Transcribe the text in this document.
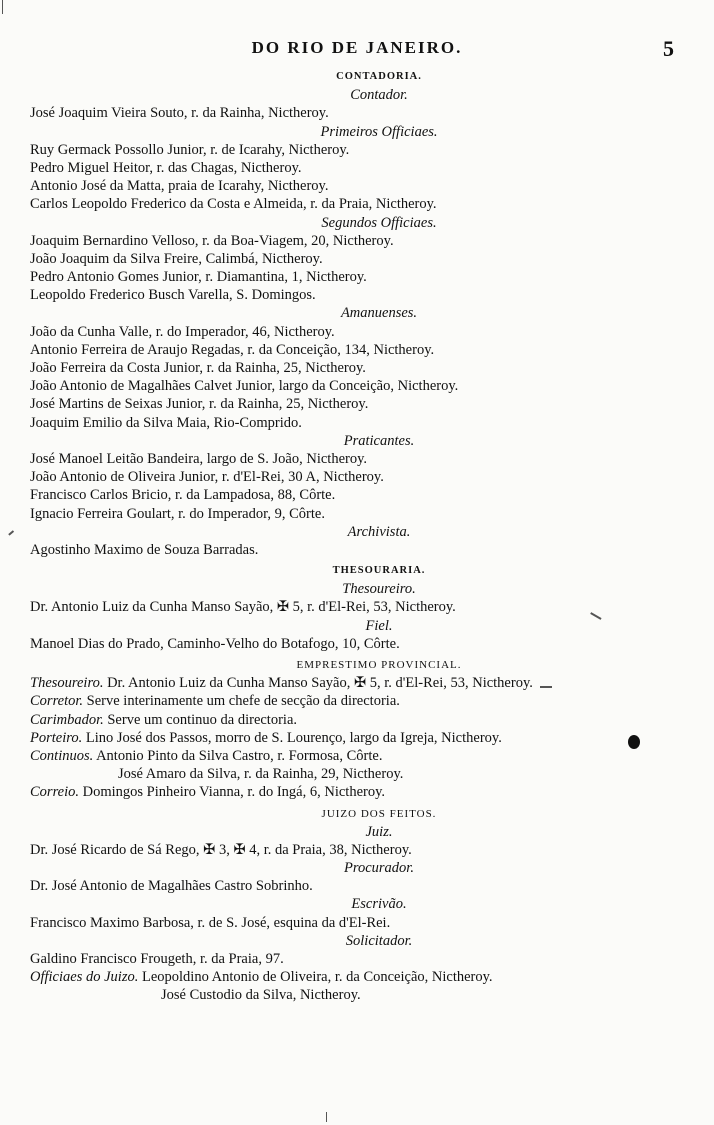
DO RIO DE JANEIRO.	5
CONTADORIA.
Contador.
José Joaquim Vieira Souto, r. da Rainha, Nictheroy.
Primeiros Officiaes.
Ruy Germack Possollo Junior, r. de Icarahy, Nictheroy.
Pedro Miguel Heitor, r. das Chagas, Nictheroy.
Antonio José da Matta, praia de Icarahy, Nictheroy.
Carlos Leopoldo Frederico da Costa e Almeida, r. da Praia, Nictheroy.
Segundos Officiaes.
Joaquim Bernardino Velloso, r. da Boa-Viagem, 20, Nictheroy.
João Joaquim da Silva Freire, Calimbá, Nictheroy.
Pedro Antonio Gomes Junior, r. Diamantina, 1, Nictheroy.
Leopoldo Frederico Busch Varella, S. Domingos.
Amanuenses.
João da Cunha Valle, r. do Imperador, 46, Nictheroy.
Antonio Ferreira de Araujo Regadas, r. da Conceição, 134, Nictheroy.
João Ferreira da Costa Junior, r. da Rainha, 25, Nictheroy.
João Antonio de Magalhães Calvet Junior, largo da Conceição, Nictheroy.
José Martins de Seixas Junior, r. da Rainha, 25, Nictheroy.
Joaquim Emilio da Silva Maia, Rio-Comprido.
Praticantes.
José Manoel Leitão Bandeira, largo de S. João, Nictheroy.
João Antonio de Oliveira Junior, r. d'El-Rei, 30 A, Nictheroy.
Francisco Carlos Bricio, r. da Lampadosa, 88, Côrte.
Ignacio Ferreira Goulart, r. do Imperador, 9, Côrte.
Archivista.
Agostinho Maximo de Souza Barradas.
THESOURARIA.
Thesoureiro.
Dr. Antonio Luiz da Cunha Manso Sayão, ✠ 5, r. d'El-Rei, 53, Nictheroy.
Fiel.
Manoel Dias do Prado, Caminho-Velho do Botafogo, 10, Côrte.
EMPRESTIMO PROVINCIAL.
Thesoureiro. Dr. Antonio Luiz da Cunha Manso Sayão, ✠ 5, r. d'El-Rei, 53, Nictheroy.
Corretor. Serve interinamente um chefe de secção da directoria.
Carimbador. Serve um continuo da directoria.
Porteiro. Lino José dos Passos, morro de S. Lourenço, largo da Igreja, Nictheroy.
Continuos. Antonio Pinto da Silva Castro, r. Formosa, Côrte.
José Amaro da Silva, r. da Rainha, 29, Nictheroy.
Correio. Domingos Pinheiro Vianna, r. do Ingá, 6, Nictheroy.
JUIZO DOS FEITOS.
Juiz.
Dr. José Ricardo de Sá Rego, ✠ 3, ✠ 4, r. da Praia, 38, Nictheroy.
Procurador.
Dr. José Antonio de Magalhães Castro Sobrinho.
Escrivão.
Francisco Maximo Barbosa, r. de S. José, esquina da d'El-Rei.
Solicitador.
Galdino Francisco Frougeth, r. da Praia, 97.
Officiaes do Juizo. Leopoldino Antonio de Oliveira, r. da Conceição, Nictheroy.
José Custodio da Silva, Nictheroy.
